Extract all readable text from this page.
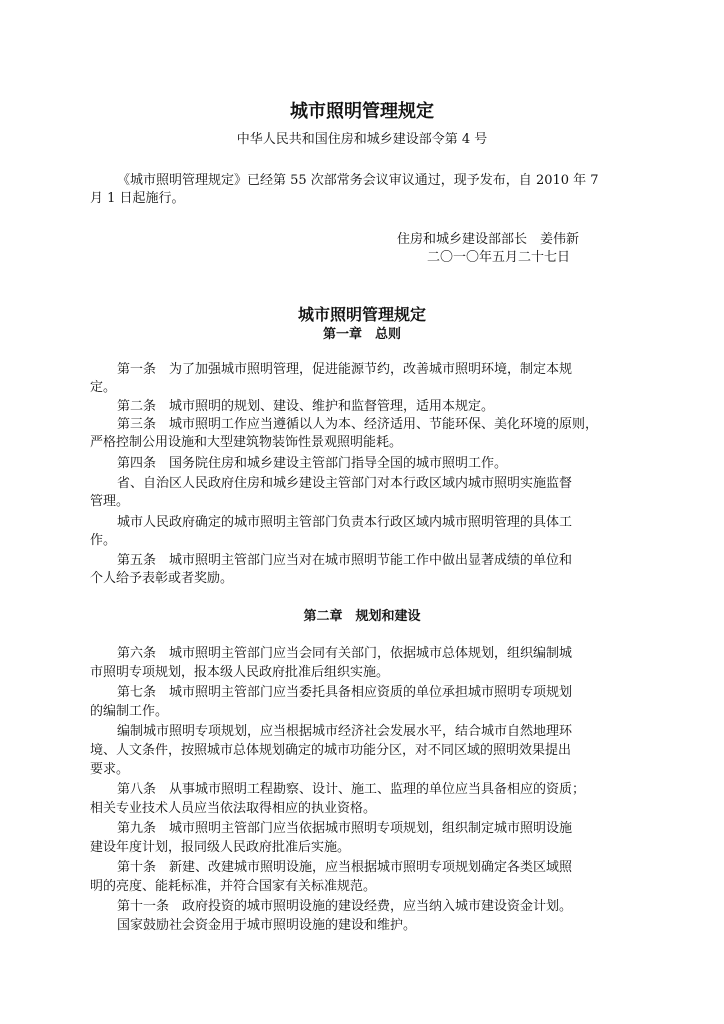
城市照明管理规定
中华人民共和国住房和城乡建设部令第 4 号
《城市照明管理规定》已经第 55 次部常务会议审议通过，现予发布，自 2010 年 7
月 1 日起施行。
住房和城乡建设部部长　姜伟新
二〇一〇年五月二十七日
城市照明管理规定
第一章　总则
第一条　为了加强城市照明管理，促进能源节约，改善城市照明环境，制定本规
定。
第二条　城市照明的规划、建设、维护和监督管理，适用本规定。
第三条　城市照明工作应当遵循以人为本、经济适用、节能环保、美化环境的原则，
严格控制公用设施和大型建筑物装饰性景观照明能耗。
第四条　国务院住房和城乡建设主管部门指导全国的城市照明工作。
省、自治区人民政府住房和城乡建设主管部门对本行政区域内城市照明实施监督
管理。
城市人民政府确定的城市照明主管部门负责本行政区域内城市照明管理的具体工
作。
第五条　城市照明主管部门应当对在城市照明节能工作中做出显著成绩的单位和
个人给予表彰或者奖励。
第二章　规划和建设
第六条　城市照明主管部门应当会同有关部门，依据城市总体规划，组织编制城
市照明专项规划，报本级人民政府批准后组织实施。
第七条　城市照明主管部门应当委托具备相应资质的单位承担城市照明专项规划
的编制工作。
编制城市照明专项规划，应当根据城市经济社会发展水平，结合城市自然地理环
境、人文条件，按照城市总体规划确定的城市功能分区，对不同区域的照明效果提出
要求。
第八条　从事城市照明工程勘察、设计、施工、监理的单位应当具备相应的资质；
相关专业技术人员应当依法取得相应的执业资格。
第九条　城市照明主管部门应当依据城市照明专项规划，组织制定城市照明设施
建设年度计划，报同级人民政府批准后实施。
第十条　新建、改建城市照明设施，应当根据城市照明专项规划确定各类区域照
明的亮度、能耗标准，并符合国家有关标准规范。
第十一条　政府投资的城市照明设施的建设经费，应当纳入城市建设资金计划。
国家鼓励社会资金用于城市照明设施的建设和维护。
